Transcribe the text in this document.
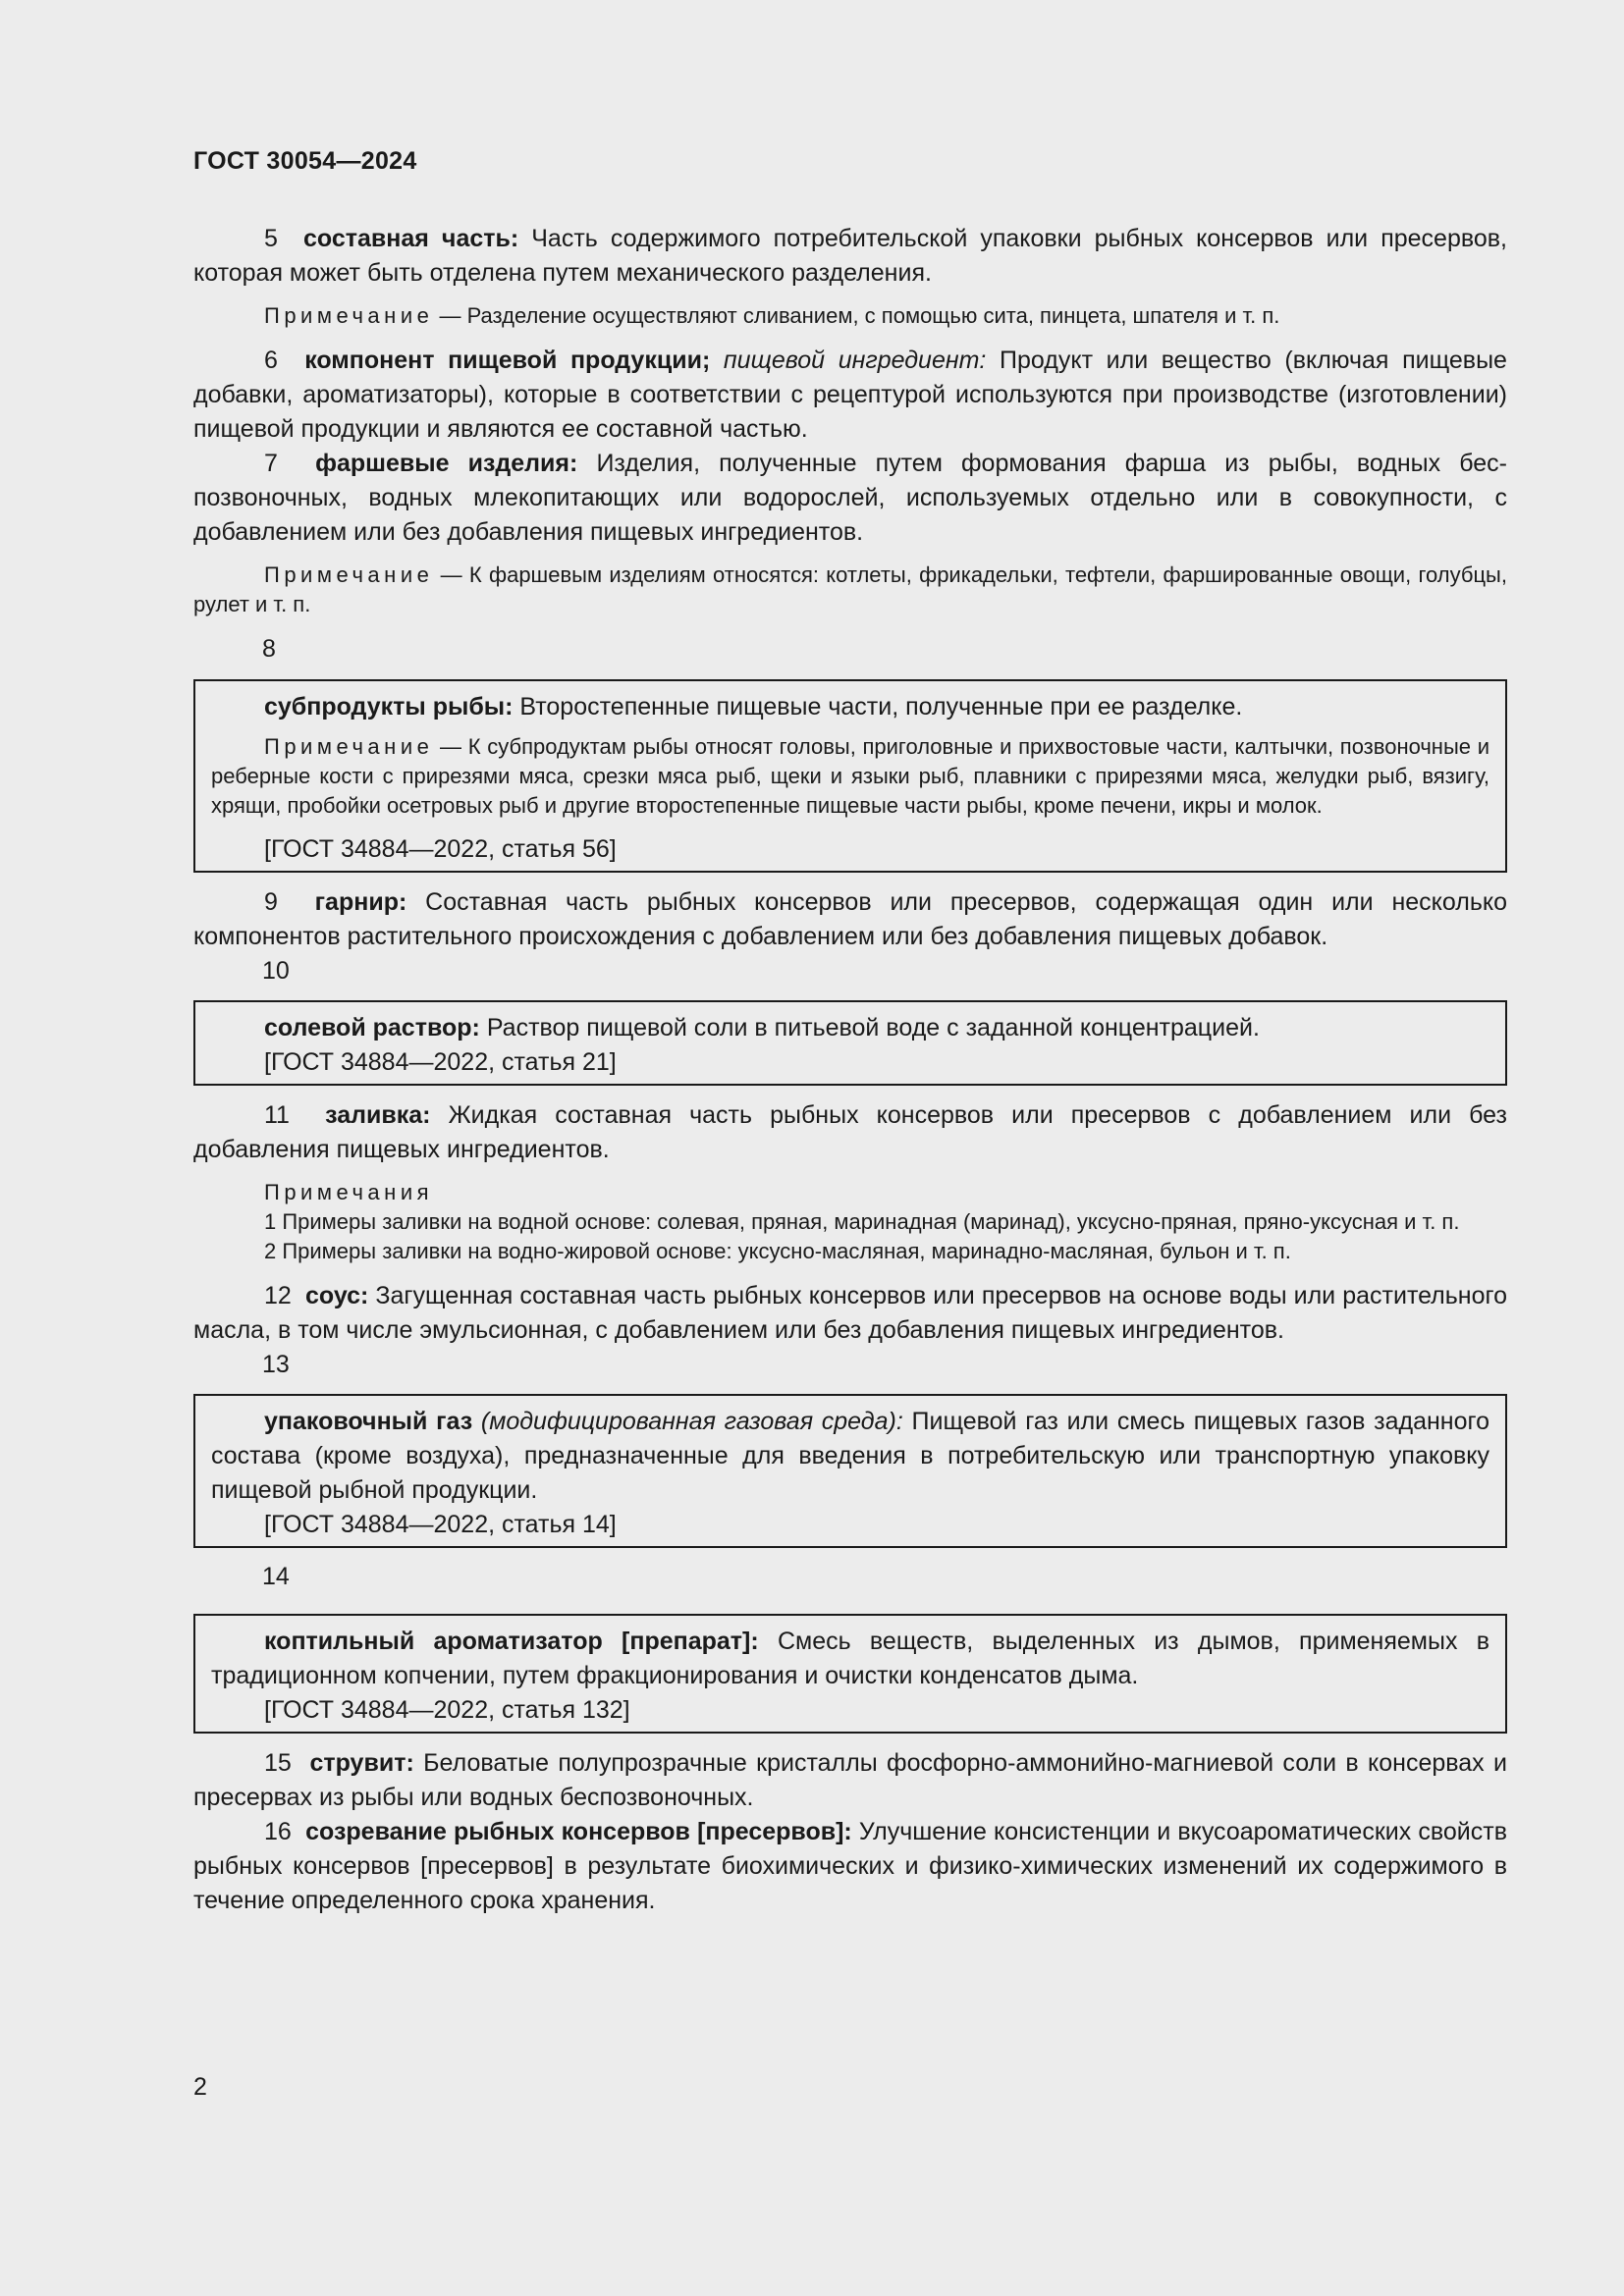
ГОСТ 30054—2024

5 составная часть: Часть содержимого потребительской упаковки рыбных консервов или пресервов, которая может быть отделена путем механического разделения.

Примечание — Разделение осуществляют сливанием, с помощью сита, пинцета, шпателя и т. п.

6 компонент пищевой продукции; пищевой ингредиент: Продукт или вещество (включая пищевые добавки, ароматизаторы), которые в соответствии с рецептурой используются при производстве (изготовлении) пищевой продукции и являются ее составной частью.

7 фаршевые изделия: Изделия, полученные путем формования фарша из рыбы, водных беспозвоночных, водных млекопитающих или водорослей, используемых отдельно или в совокупности, с добавлением или без добавления пищевых ингредиентов.

Примечание — К фаршевым изделиям относятся: котлеты, фрикадельки, тефтели, фаршированные овощи, голубцы, рулет и т. п.

8

субпродукты рыбы: Второстепенные пищевые части, полученные при ее разделке.

Примечание — К субпродуктам рыбы относят головы, приголовные и прихвостовые части, калтычки, позвоночные и реберные кости с прирезями мяса, срезки мяса рыб, щеки и языки рыб, плавники с прирезями мяса, желудки рыб, вязигу, хрящи, пробойки осетровых рыб и другие второстепенные пищевые части рыбы, кроме печени, икры и молок.

[ГОСТ 34884—2022, статья 56]

9 гарнир: Составная часть рыбных консервов или пресервов, содержащая один или несколько компонентов растительного происхождения с добавлением или без добавления пищевых добавок.

10

солевой раствор: Раствор пищевой соли в питьевой воде с заданной концентрацией.

[ГОСТ 34884—2022, статья 21]

11 заливка: Жидкая составная часть рыбных консервов или пресервов с добавлением или без добавления пищевых ингредиентов.

Примечания

1 Примеры заливки на водной основе: солевая, пряная, маринадная (маринад), уксусно-пряная, пряно-уксусная и т. п.

2 Примеры заливки на водно-жировой основе: уксусно-масляная, маринадно-масляная, бульон и т. п.

12 соус: Загущенная составная часть рыбных консервов или пресервов на основе воды или растительного масла, в том числе эмульсионная, с добавлением или без добавления пищевых ингредиентов.

13

упаковочный газ (модифицированная газовая среда): Пищевой газ или смесь пищевых газов заданного состава (кроме воздуха), предназначенные для введения в потребительскую или транспортную упаковку пищевой рыбной продукции.

[ГОСТ 34884—2022, статья 14]

14

коптильный ароматизатор [препарат]: Смесь веществ, выделенных из дымов, применяемых в традиционном копчении, путем фракционирования и очистки конденсатов дыма.

[ГОСТ 34884—2022, статья 132]

15 струвит: Беловатые полупрозрачные кристаллы фосфорно-аммонийно-магниевой соли в консервах и пресервах из рыбы или водных беспозвоночных.

16 созревание рыбных консервов [пресервов]: Улучшение консистенции и вкусоароматических свойств рыбных консервов [пресервов] в результате биохимических и физико-химических изменений их содержимого в течение определенного срока хранения.

2
